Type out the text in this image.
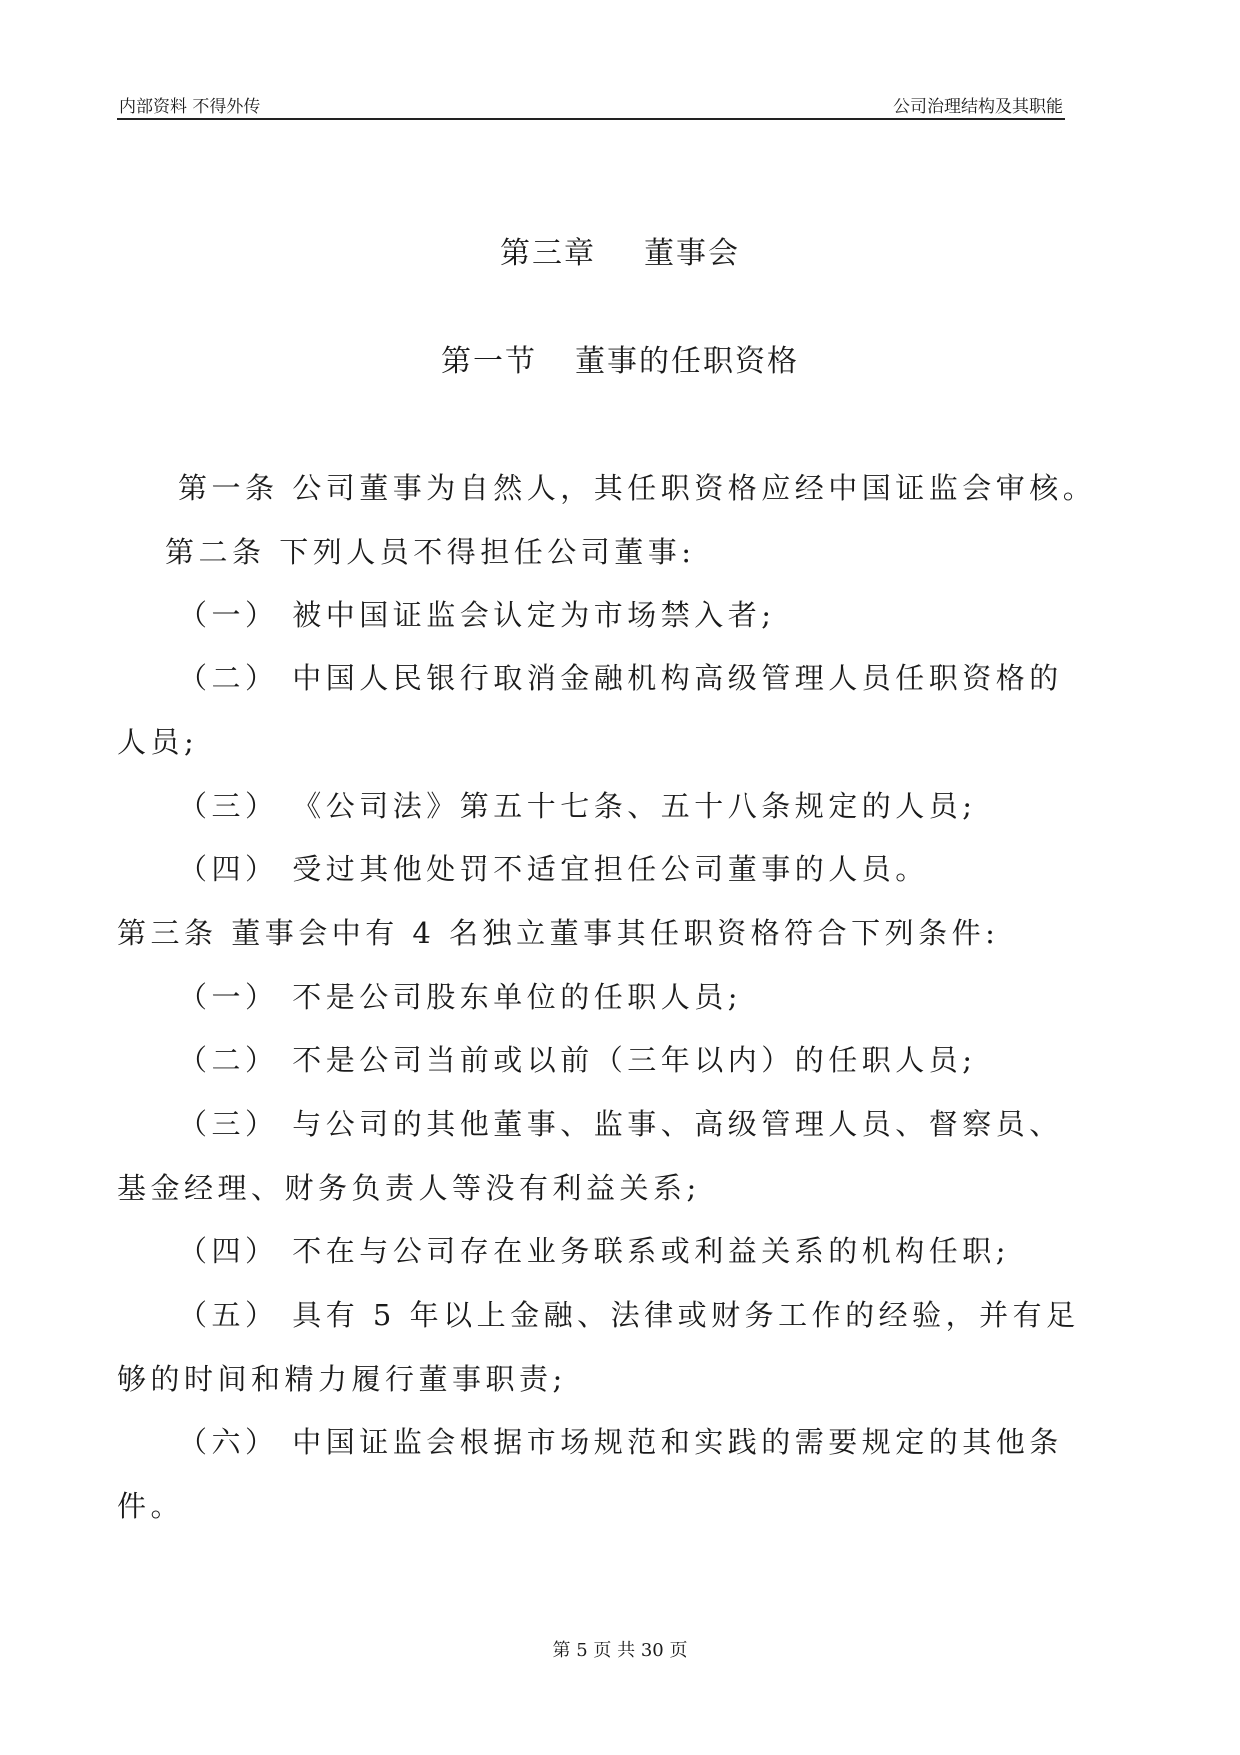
内部资料 不得外传	公司治理结构及其职能
第三章 董事会
第一节 董事的任职资格
第一条 公司董事为自然人，其任职资格应经中国证监会审核。
第二条 下列人员不得担任公司董事:
（一） 被中国证监会认定为市场禁入者;
（二） 中国人民银行取消金融机构高级管理人员任职资格的
人员;
（三） 《公司法》第五十七条、五十八条规定的人员;
（四） 受过其他处罚不适宜担任公司董事的人员。
第三条 董事会中有 4 名独立董事其任职资格符合下列条件:
（一） 不是公司股东单位的任职人员;
（二） 不是公司当前或以前（三年以内）的任职人员;
（三） 与公司的其他董事、监事、高级管理人员、督察员、
基金经理、财务负责人等没有利益关系;
（四） 不在与公司存在业务联系或利益关系的机构任职;
（五） 具有 5 年以上金融、法律或财务工作的经验，并有足
够的时间和精力履行董事职责;
（六） 中国证监会根据市场规范和实践的需要规定的其他条
件。
第 5 页 共 30 页
